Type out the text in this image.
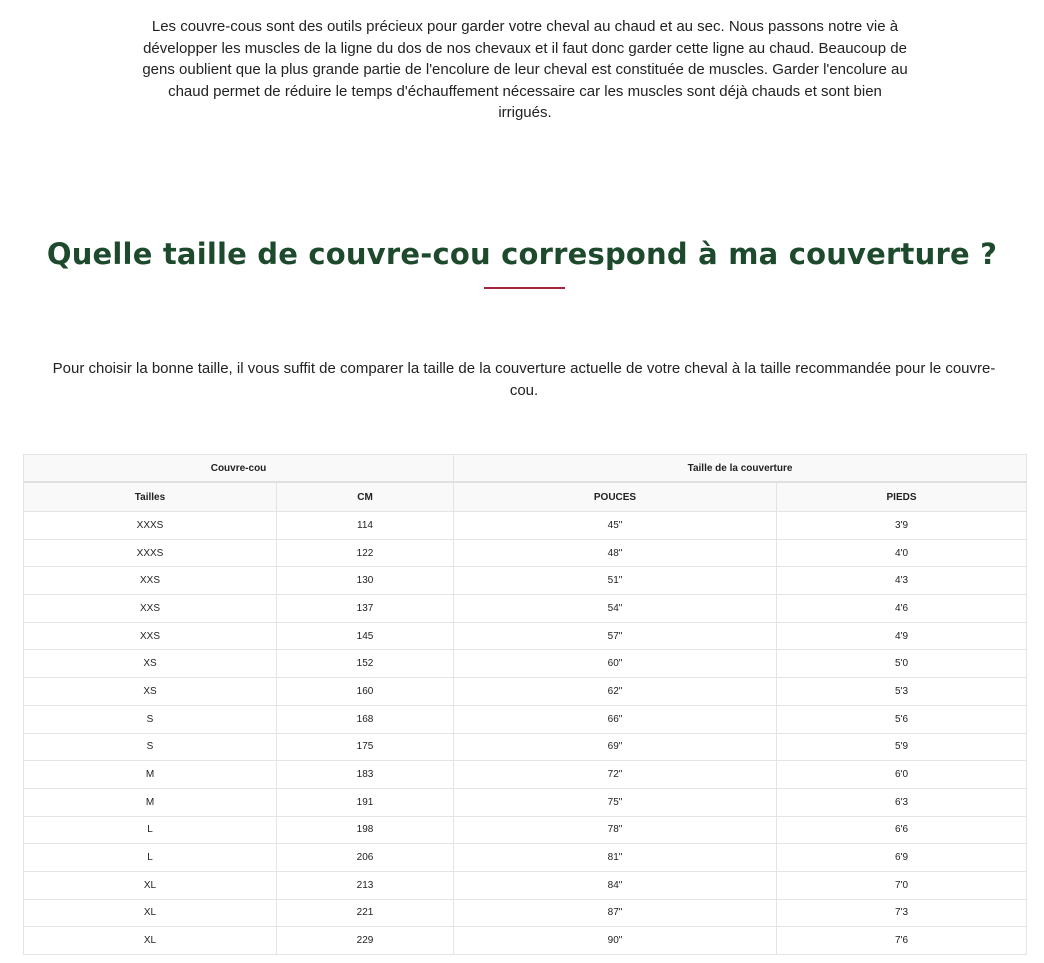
Les couvre-cous sont des outils précieux pour garder votre cheval au chaud et au sec. Nous passons notre vie à développer les muscles de la ligne du dos de nos chevaux et il faut donc garder cette ligne au chaud. Beaucoup de gens oublient que la plus grande partie de l'encolure de leur cheval est constituée de muscles. Garder l'encolure au chaud permet de réduire le temps d'échauffement nécessaire car les muscles sont déjà chauds et sont bien irrigués.

Quelle taille de couvre-cou correspond à ma couverture ?

Pour choisir la bonne taille, il vous suffit de comparer la taille de la couverture actuelle de votre cheval à la taille recommandée pour le couvre-cou.

Couvre-cou		Taille de la couverture	
Tailles	CM	POUCES	PIEDS
XXXS	114	45"	3'9
XXXS	122	48"	4'0
XXS	130	51"	4'3
XXS	137	54"	4'6
XXS	145	57"	4'9
XS	152	60"	5'0
XS	160	62"	5'3
S	168	66"	5'6
S	175	69"	5'9
M	183	72"	6'0
M	191	75"	6'3
L	198	78"	6'6
L	206	81"	6'9
XL	213	84"	7'0
XL	221	87"	7'3
XL	229	90"	7'6
